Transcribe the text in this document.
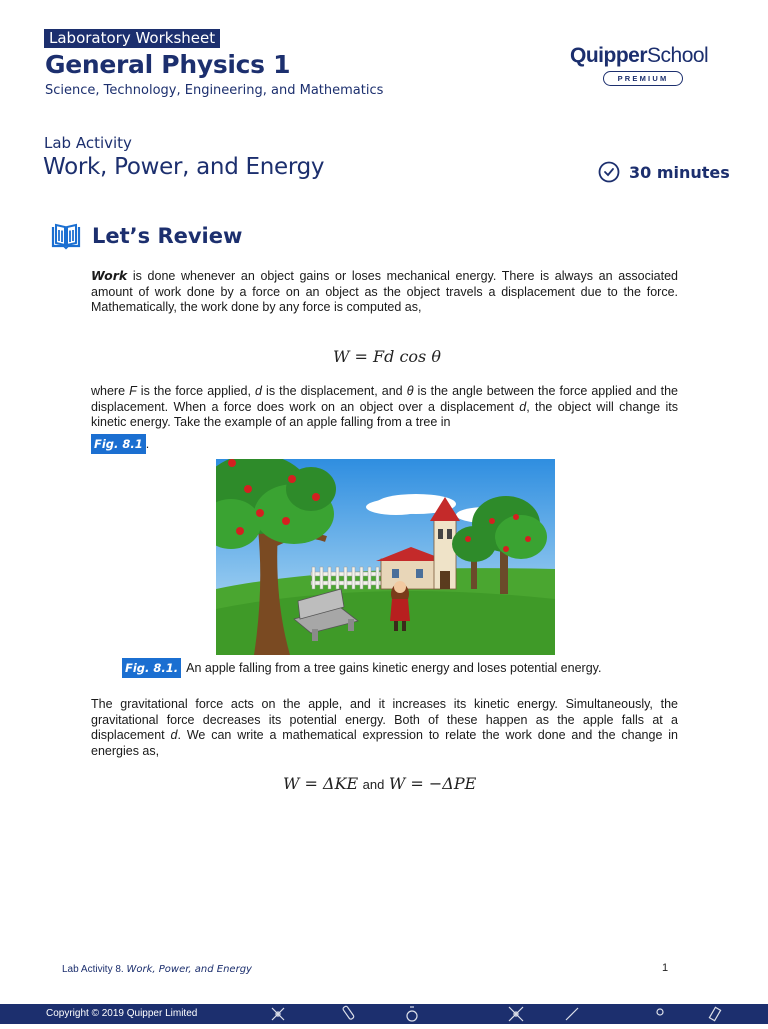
Laboratory Worksheet
General Physics 1
Science, Technology, Engineering, and Mathematics
QuipperSchool
PREMIUM
Lab Activity
Work, Power, and Energy	30 minutes
Let’s Review
Work is done whenever an object gains or loses mechanical energy. There is always an associated amount of work done by a force on an object as the object travels a displacement due to the force. Mathematically, the work done by any force is computed as,
W = Fd cos θ
where F is the force applied, d is the displacement, and θ is the angle between the force applied and the displacement. When a force does work on an object over a displacement d, the object will change its kinetic energy. Take the example of an apple falling from a tree in
Fig. 8.1 .
Fig. 8.1. An apple falling from a tree gains kinetic energy and loses potential energy.
The gravitational force acts on the apple, and it increases its kinetic energy. Simultaneously, the gravitational force decreases its potential energy. Both of these happen as the apple falls at a displacement d. We can write a mathematical expression to relate the work done and the change in energies as,
W = ΔKE and W = −ΔPE
Lab Activity 8. Work, Power, and Energy	1
Copyright © 2019 Quipper Limited
